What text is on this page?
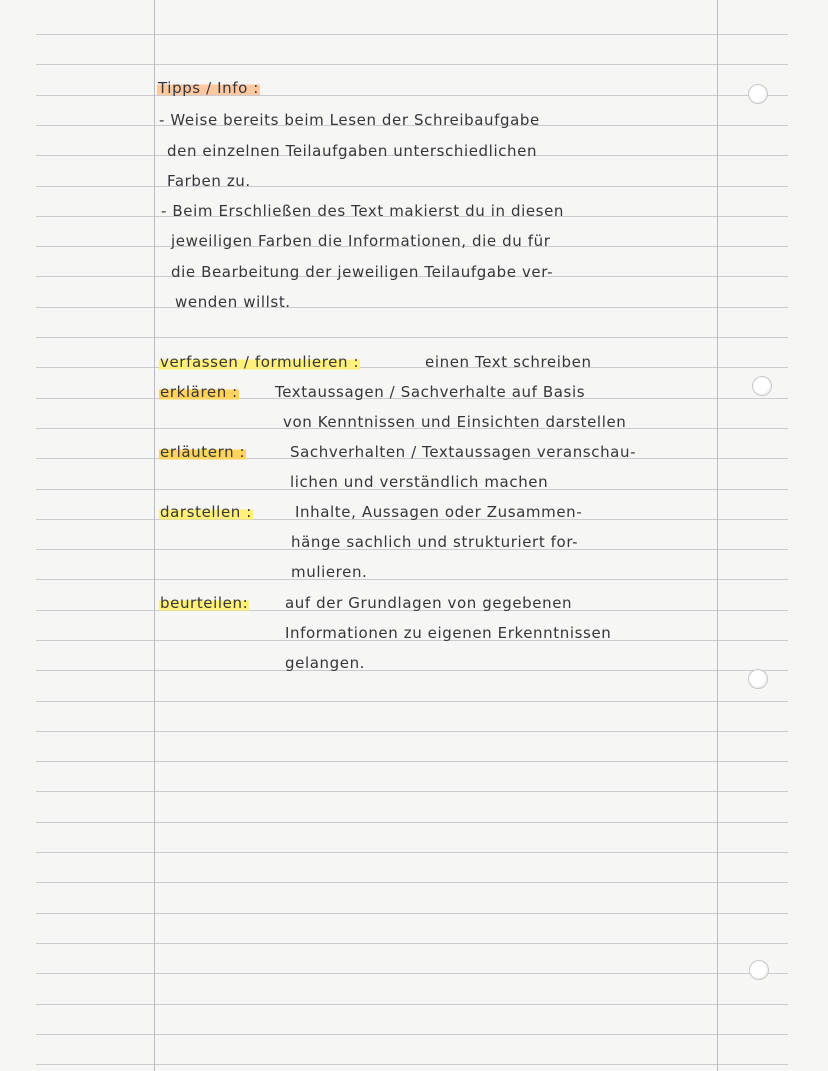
Tipps / Info :
- Weise bereits beim Lesen der Schreibaufgabe
den einzelnen Teilaufgaben unterschiedlichen
Farben zu.
- Beim Erschließen des Text makierst du in diesen
jeweiligen Farben die Informationen, die du für
die Bearbeitung der jeweiligen Teilaufgabe ver-
wenden willst.
verfassen / formulieren :	einen Text schreiben
erklären : Textaussagen / Sachverhalte auf Basis
von Kenntnissen und Einsichten darstellen
erläutern :	Sachverhalten / Textaussagen veranschau-
lichen und verständlich machen
darstellen :	Inhalte, Aussagen oder Zusammen-
hänge sachlich und strukturiert for-
mulieren.
beurteilen: auf der Grundlagen von gegebenen
Informationen zu eigenen Erkenntnissen
gelangen.
